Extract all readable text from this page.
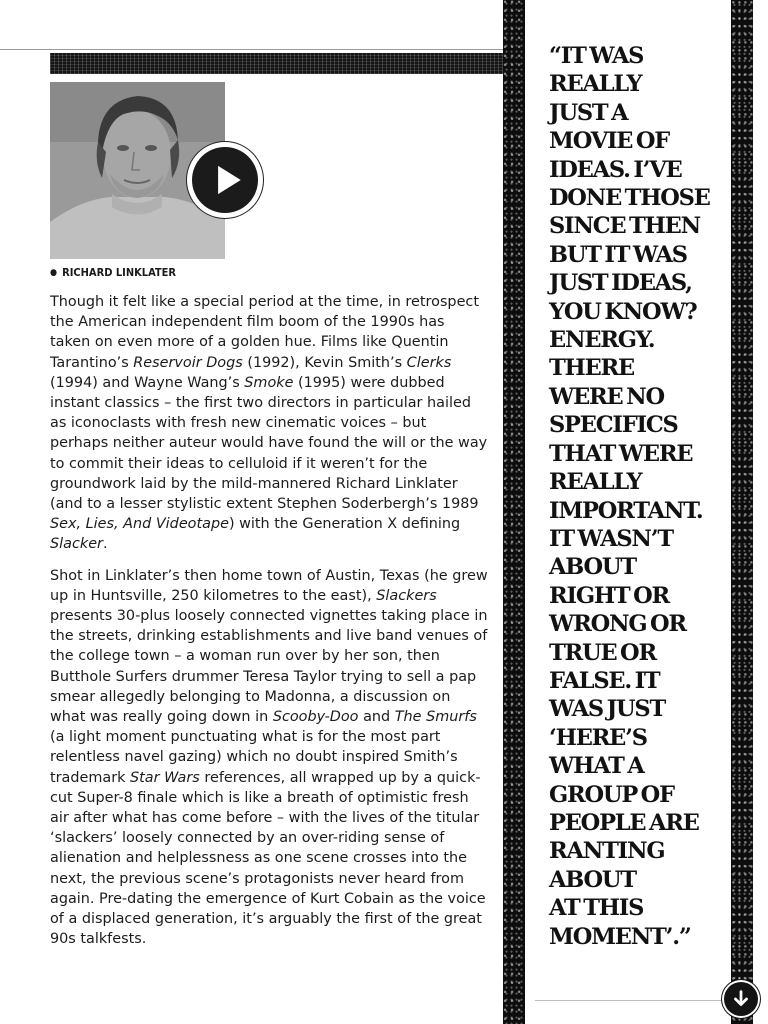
● RICHARD LINKLATER

Though it felt like a special period at the time, in retrospect the American independent film boom of the 1990s has taken on even more of a golden hue. Films like Quentin Tarantino’s Reservoir Dogs (1992), Kevin Smith’s Clerks (1994) and Wayne Wang’s Smoke (1995) were dubbed instant classics – the first two directors in particular hailed as iconoclasts with fresh new cinematic voices – but perhaps neither auteur would have found the will or the way to commit their ideas to celluloid if it weren’t for the groundwork laid by the mild-mannered Richard Linklater (and to a lesser stylistic extent Stephen Soderbergh’s 1989 Sex, Lies, And Videotape) with the Generation X defining Slacker.

Shot in Linklater’s then home town of Austin, Texas (he grew up in Huntsville, 250 kilometres to the east), Slackers presents 30-plus loosely connected vignettes taking place in the streets, drinking establishments and live band venues of the college town – a woman run over by her son, then Butthole Surfers drummer Teresa Taylor trying to sell a pap smear allegedly belonging to Madonna, a discussion on what was really going down in Scooby-Doo and The Smurfs (a light moment punctuating what is for the most part relentless navel gazing) which no doubt inspired Smith’s trademark Star Wars references, all wrapped up by a quick-cut Super-8 finale which is like a breath of optimistic fresh air after what has come before – with the lives of the titular ‘slackers’ loosely connected by an over-riding sense of alienation and helplessness as one scene crosses into the next, the previous scene’s protagonists never heard from again. Pre-dating the emergence of Kurt Cobain as the voice of a displaced generation, it’s arguably the first of the great 90s talkfests.

“IT WAS
REALLY
JUST A
MOVIE OF
IDEAS. I’VE
DONE THOSE
SINCE THEN
BUT IT WAS
JUST IDEAS,
YOU KNOW?
ENERGY.
THERE
WERE NO
SPECIFICS
THAT WERE
REALLY
IMPORTANT.
IT WASN’T
ABOUT
RIGHT OR
WRONG OR
TRUE OR
FALSE. IT
WAS JUST
‘HERE’S
WHAT A
GROUP OF
PEOPLE ARE
RANTING
ABOUT
AT THIS
MOMENT’.”
